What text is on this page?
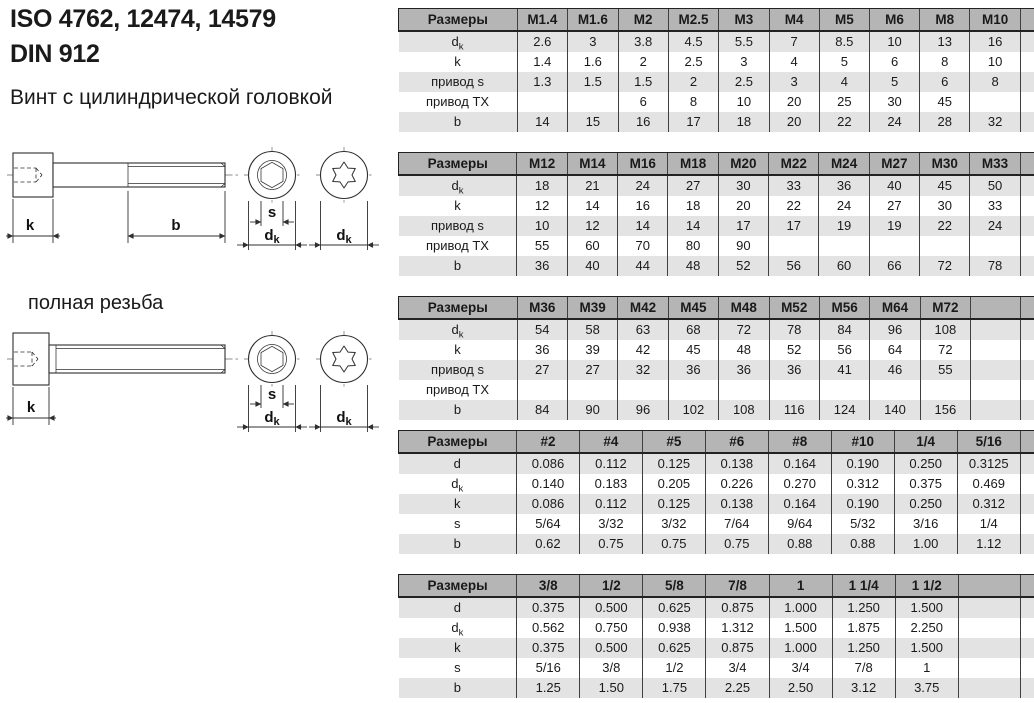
ISO 4762, 12474, 14579
DIN 912
Винт с цилиндрической головкой
k	b
s
$d_k$	$d_k$
полная резьба
k
s
$d_k$	$d_k$
Размеры	M1.4	M1.6	M2	M2.5	M3	M4	M5	M6	M8	M10	
$d_k$	2.6	3	3.8	4.5	5.5	7	8.5	10	13	16	
k	1.4	1.6	2	2.5	3	4	5	6	8	10	
привод s	1.3	1.5	1.5	2	2.5	3	4	5	6	8	
привод TX			6	8	10	20	25	30	45		
b	14	15	16	17	18	20	22	24	28	32	
Размеры	M12	M14	M16	M18	M20	M22	M24	M27	M30	M33	
$d_k$	18	21	24	27	30	33	36	40	45	50	
k	12	14	16	18	20	22	24	27	30	33	
привод s	10	12	14	14	17	17	19	19	22	24	
привод TX	55	60	70	80	90						
b	36	40	44	48	52	56	60	66	72	78	
Размеры	M36	M39	M42	M45	M48	M52	M56	M64	M72		
$d_k$	54	58	63	68	72	78	84	96	108		
k	36	39	42	45	48	52	56	64	72		
привод s	27	27	32	36	36	36	41	46	55		
привод TX											
b	84	90	96	102	108	116	124	140	156		
Размеры	#2	#4	#5	#6	#8	#10	1/4	5/16	
d	0.086	0.112	0.125	0.138	0.164	0.190	0.250	0.3125	
$d_k$	0.140	0.183	0.205	0.226	0.270	0.312	0.375	0.469	
k	0.086	0.112	0.125	0.138	0.164	0.190	0.250	0.312	
s	5/64	3/32	3/32	7/64	9/64	5/32	3/16	1/4	
b	0.62	0.75	0.75	0.75	0.88	0.88	1.00	1.12	
Размеры	3/8	1/2	5/8	7/8	1	1 1/4	1 1/2		
d	0.375	0.500	0.625	0.875	1.000	1.250	1.500		
$d_k$	0.562	0.750	0.938	1.312	1.500	1.875	2.250		
k	0.375	0.500	0.625	0.875	1.000	1.250	1.500		
s	5/16	3/8	1/2	3/4	3/4	7/8	1		
b	1.25	1.50	1.75	2.25	2.50	3.12	3.75		
